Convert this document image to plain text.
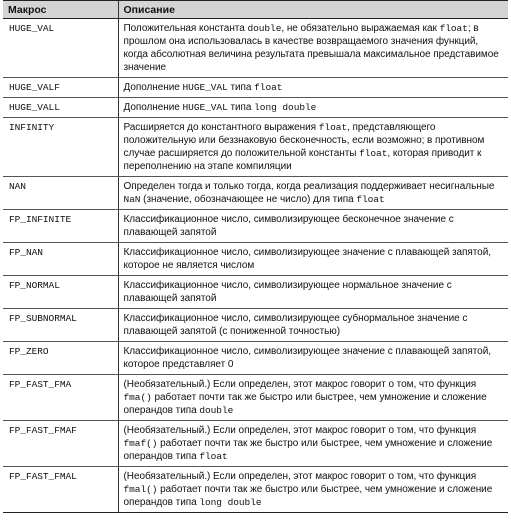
Макрос	Описание
HUGE_VAL	Положительная константа double, не обязательно выражаемая как float; в прошлом она использовалась в качестве возвращаемого значения функций, когда абсолютная величина результата превышала максимальное представимое значение
HUGE_VALF	Дополнение HUGE_VAL типа float
HUGE_VALL	Дополнение HUGE_VAL типа long double
INFINITY	Расширяется до константного выражения float, представляющего положительную или беззнаковую бесконечность, если возможно; в противном случае расширяется до положительной константы float, которая приводит к переполнению на этапе компиляции
NAN	Определен тогда и только тогда, когда реализация поддерживает несигнальные NaN (значение, обозначающее не число) для типа float
FP_INFINITE	Классификационное число, символизирующее бесконечное значение с плавающей запятой
FP_NAN	Классификационное число, символизирующее значение с плавающей запятой, которое не является числом
FP_NORMAL	Классификационное число, символизирующее нормальное значение с плавающей запятой
FP_SUBNORMAL	Классификационное число, символизирующее субнормальное значение с плавающей запятой (с пониженной точностью)
FP_ZERO	Классификационное число, символизирующее значение с плавающей запятой, которое представляет 0
FP_FAST_FMA	(Необязательный.) Если определен, этот макрос говорит о том, что функция fma() работает почти так же быстро или быстрее, чем умножение и сложение операндов типа double
FP_FAST_FMAF	(Необязательный.) Если определен, этот макрос говорит о том, что функция fmaf() работает почти так же быстро или быстрее, чем умножение и сложение операндов типа float
FP_FAST_FMAL	(Необязательный.) Если определен, этот макрос говорит о том, что функция fmal() работает почти так же быстро или быстрее, чем умножение и сложение операндов типа long double
